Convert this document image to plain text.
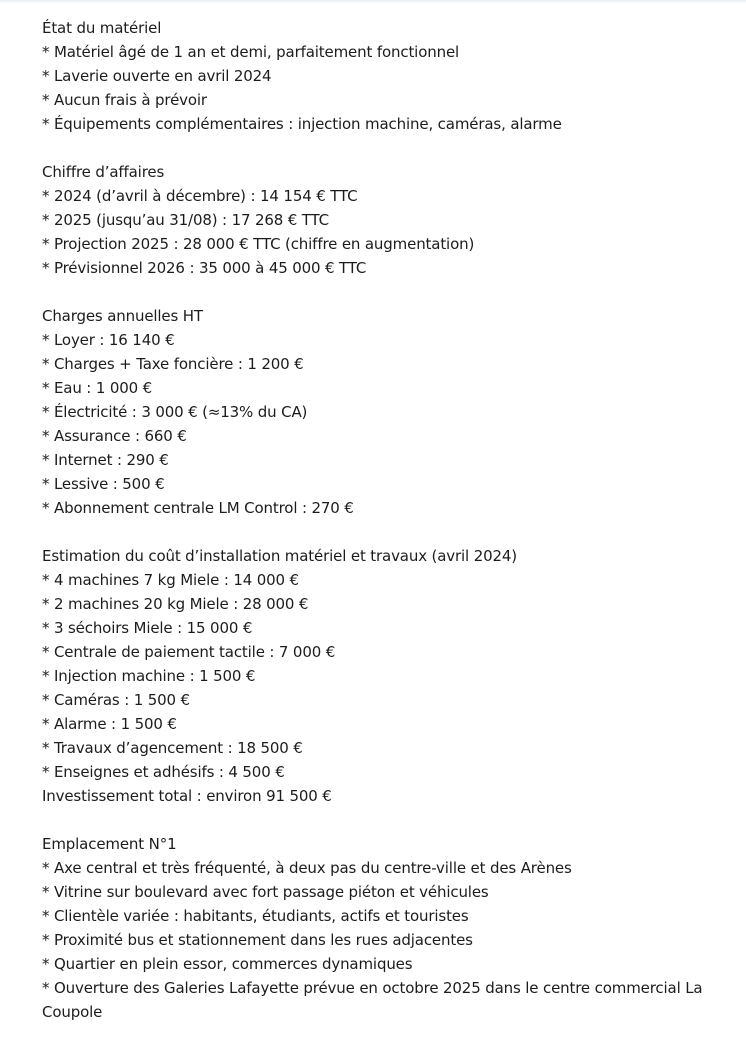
État du matériel

* Matériel âgé de 1 an et demi, parfaitement fonctionnel

* Laverie ouverte en avril 2024

* Aucun frais à prévoir

* Équipements complémentaires : injection machine, caméras, alarme

Chiffre d’affaires

* 2024 (d’avril à décembre) : 14 154 € TTC

* 2025 (jusqu’au 31/08) : 17 268 € TTC

* Projection 2025 : 28 000 € TTC (chiffre en augmentation)

* Prévisionnel 2026 : 35 000 à 45 000 € TTC

Charges annuelles HT

* Loyer : 16 140 €

* Charges + Taxe foncière : 1 200 €

* Eau : 1 000 €

* Électricité : 3 000 € (≈13% du CA)

* Assurance : 660 €

* Internet : 290 €

* Lessive : 500 €

* Abonnement centrale LM Control : 270 €

Estimation du coût d’installation matériel et travaux (avril 2024)

* 4 machines 7 kg Miele : 14 000 €

* 2 machines 20 kg Miele : 28 000 €

* 3 séchoirs Miele : 15 000 €

* Centrale de paiement tactile : 7 000 €

* Injection machine : 1 500 €

* Caméras : 1 500 €

* Alarme : 1 500 €

* Travaux d’agencement : 18 500 €

* Enseignes et adhésifs : 4 500 €

Investissement total : environ 91 500 €

Emplacement N°1

* Axe central et très fréquenté, à deux pas du centre-ville et des Arènes

* Vitrine sur boulevard avec fort passage piéton et véhicules

* Clientèle variée : habitants, étudiants, actifs et touristes

* Proximité bus et stationnement dans les rues adjacentes

* Quartier en plein essor, commerces dynamiques

* Ouverture des Galeries Lafayette prévue en octobre 2025 dans le centre commercial La Coupole
